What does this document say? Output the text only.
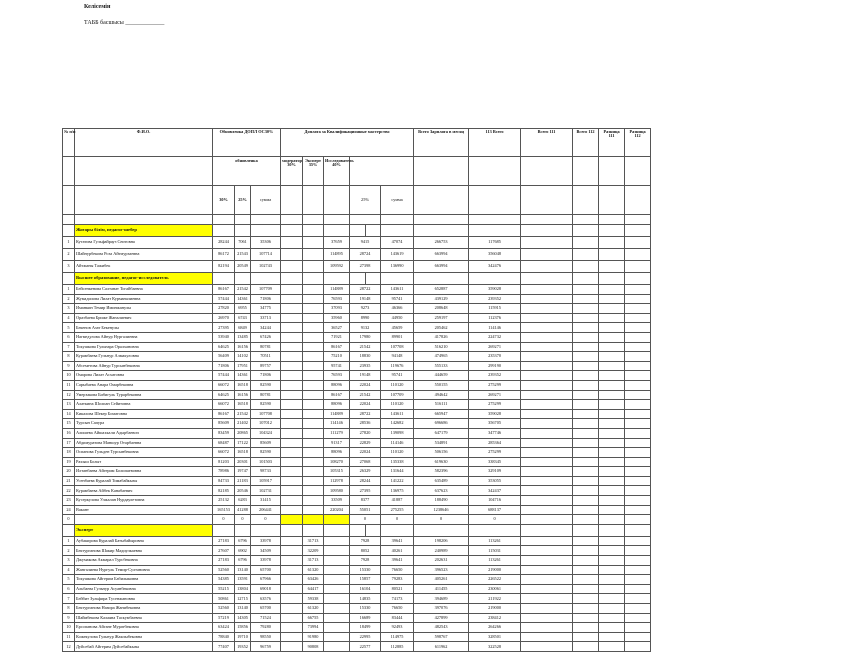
Келісемін
ТАББ басшысы _____________
№ п/п	Ф.И.О.	Обновленка ДОПЛ ОС30%			Доплата за Квалификационные мастерство						Всего Зарплата в месяц	113 Всего	Всего 111	Всего 112	Разница 111	Разница 112	
		обновленка			модератор 30%	Эксперт 35%	Исследователь 40%										
		30%	25%	сумма				25%		сумма							

	Жоғары білім, педагог-шебер																
1	Кутатова Гульфайрауз Сеитовна	28244	7061	35306			37659	9415		47074	266753	117685					
2	Шайнурбекова Роза Айтмурзаевна	86172	21543	107714			114895	28724		143619	663994	356048					
3	Айтжаны Тажибек	82194	20549	102743			109592	27398		136990	663994	342476					
	Высшее образование, педагог-исследователь																
1	Бейсенкенова Салтанат Тогайбаевна	86167	21542	107709			114889	28722		143611	652887	359028					
2	Жумадилова Лилат Курманалиевна	57444	14361	71806			76593	19148		95741	439129	239352					
3	Иманкин Темир Иминжанулы	27820	6955	34775			37093	9273		46366	208648	115915					
4	Оразбаева Бриже Жаналиевич	26970	6743	33713			35960	8990		44950	259197	112376					
5	Бекенов Азат Бекенулы	27395	6849	34244			36527	9132		45659	205462	114146					
6	Нагмедулова Айнур Нургалиевна	53940	13485	67426			71921	17980		89901	417826	224732					
7	Токушкова Гульнара Оралхановна	64625	16156	80781			86167	21542		107708	516210	269271					
8	Курамбаева Гульнур Алмакуловна	56409	14102	70511			75210	18830		94148	474965	235370					
9	Абсеметова Айнур Турсынбековна	71806	17951	89757			95741	23935		119676	555133	299190					
10	Омарова Лилат Асхатовна	57444	14361	71806			76593	19148		95741	444659	239352					
11	Сарыбаева Анара Омарбековна	66072	16518	82590			88096	22024		110120	550155	275299					
12	Умерзакова Бибигуль Турарбековна	64625	16156	80781			86167	21542		107709	494642	269271					
13	Алаткина Шолпан Сейитовна	66072	16518	82590			88096	22024		110120	516111	275299					
14	Кикалова Шекер Боматовна	86167	21542	107708			114889	28722		143611	665947	359028					
15	Турсын Сапура	85609	21402	107012			114146	28536		142682	696686	356705					
16	Алишева Айшахкали Адырбаевич	83459	20865	104324			111279	27820		139098	647179	347746					
17	Абдимуратова Маншур Отарбаевна	68487	17122	85609			91317	22829		114146	534891	285364					
18	Оспанова Гульден Турсынбековна	66072	16518	82590			88096	22024		110120	506156	275299					
19	Рахыш Болыт	81203	20301	101503			108270	27068		135338	619630	338345					
20	Илтанбаева Айгерим Болипаевовна	78986	19747	98733			105315	26329		131644	582396	329109					
21	Усенбаева Куралай Тимабайкызы	84733	21183	105917			112978	28244		141222	635489	353055					
22	Курамбаева Айбек Канабаевич	82185	20546	102731			109580	27395		136975	637623	342437					
23	Кусеркулова Улжалан Нурдаулетовна	25132	6283	31415			33509	8377		41887	188490	104716					
24	Вакант	165153	41288	206441			220204	55051		275255	1238646	688137					
0		0	0	0				0		0	0	0					
	Эксперт																
1	Аубакирова Куралай Батыбайыровна	27183	6796	33978		31713		7928		39641	198206	113261					
2	Бектурганова Шакир Мадиулкаевна	27607	6902	34509		32209		8052		40261	240989	115031					
3	Джумакова Акмарал Турсбековна	27183	6796	33978		31713		7928		39641	202631	113261					
4	Жангалиева Нургуль Темир-Султановна	52560	13140	65700		61320		15330		76650	396523	219000					
5	Токушкова Айгерим Бабилыковна	54385	13591	67966		63426		15857		79283	405261	226522					
6	Альбаева Гульнур Асуанбековна	55215	13804	69018		64417		16104		80521	411455	230061					
7	Бейбит Зульфира Тусенжановна	50861	12715	63576		59338		14835		74173	394689	211922					
8	Бектурганова Назира Жанибековна	52560	13140	65700		61320		15330		76650	397076	219000					
9	Шаймбекова Калаяна Таскумбаевна	57219	14305	71524		66755		16689		83444	427899	238412					
10	Ерсопанова Айгане Муратбековна	63424	15856	79280		73994		18499		92493	482543	264266					
11	Кожекулова Гульнур Жакпыбековна	78840	19710	98550		91980		22995		114975	598767	328501					
12	Дуйсебай Айгерим Дуйсебайкызы	77407	19352	96759		90808		22577		112885	611962	322528					
